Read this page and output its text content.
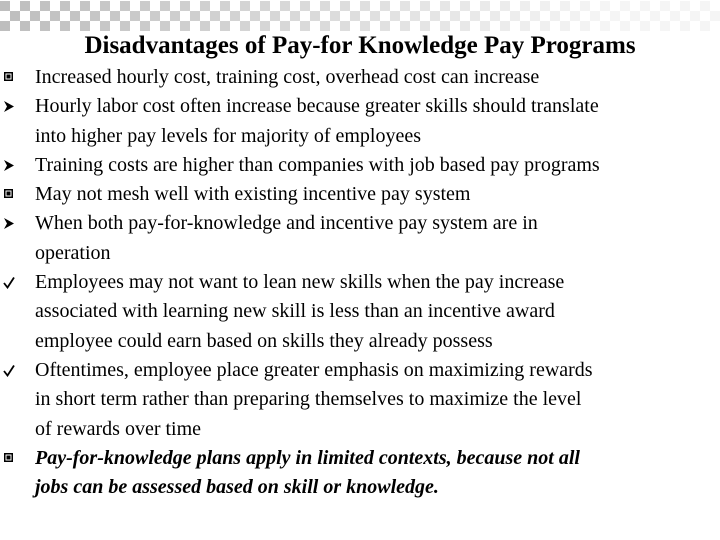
Disadvantages of Pay-for Knowledge Pay Programs
Increased hourly cost, training cost, overhead cost can increase
Hourly labor cost often increase because greater skills should translate
into higher pay levels for majority of employees
Training costs are higher than companies with job based pay programs
May not mesh well with existing incentive pay system
When both pay-for-knowledge and incentive pay system are in
operation
Employees may not want to lean new skills when the pay increase
associated with learning new skill is less than an incentive award
employee could earn based on skills they already possess
Oftentimes, employee place greater emphasis on maximizing rewards
in short term rather than preparing themselves to maximize the level
of rewards over time
Pay-for-knowledge plans apply in limited contexts, because not all
jobs can be assessed based on skill or knowledge.
